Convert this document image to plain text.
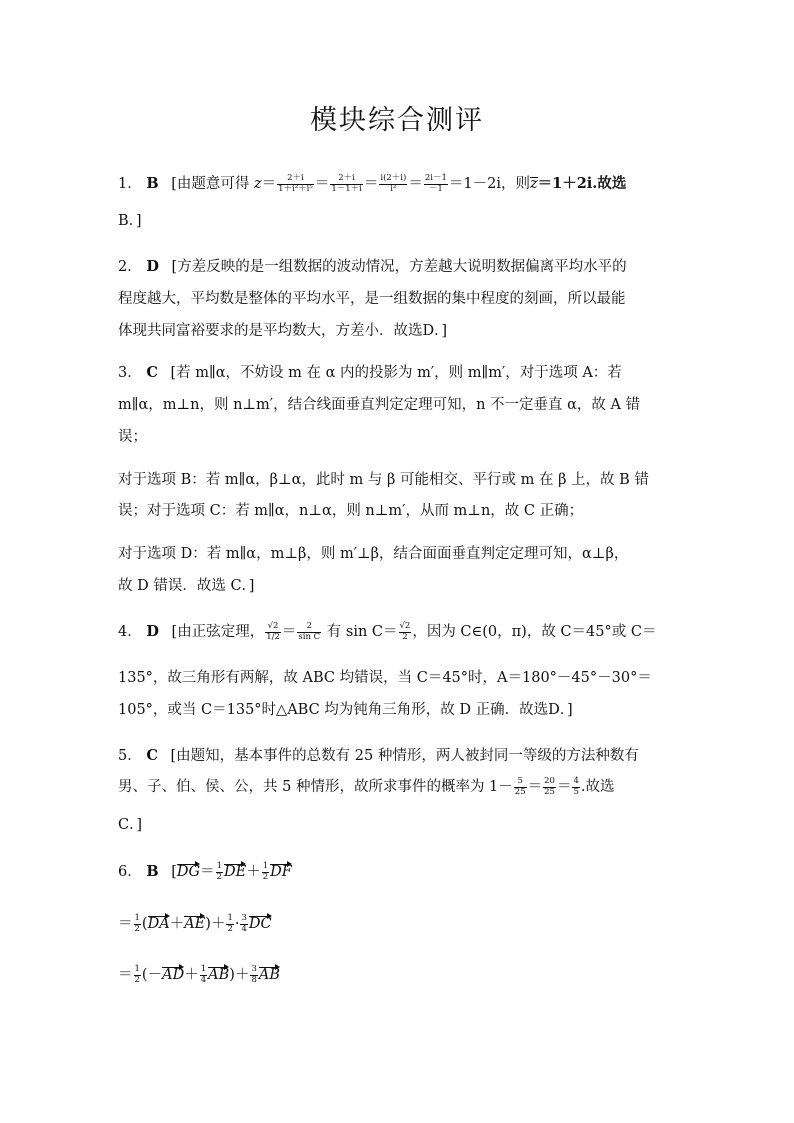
模块综合测评
1． B [由题意可得 $z= \frac{2+i}{\text{1＋i²＋i⁵}} = \frac{2+i}{1-1+i} = \frac{i(2+i)}{\text{i²}} = \frac{2i-1}{-1} =1-2i$，则z＝1＋2i.故选
B．]
2． D [方差反映的是一组数据的波动情况，方差越大说明数据偏离平均水平的
程度越大，平均数是整体的平均水平，是一组数据的集中程度的刻画，所以最能
体现共同富裕要求的是平均数大，方差小．故选D．]
3． C [若 m∥α，不妨设 m 在 α 内的投影为 m′，则 m∥m′，对于选项 A：若
m∥α，m⊥n，则 n⊥m′，结合线面垂直判定定理可知，n 不一定垂直 α，故 A 错
误；
对于选项 B：若 m∥α，β⊥α，此时 m 与 β 可能相交、平行或 m 在 β 上，故 B 错
误；对于选项 C：若 m∥α，n⊥α，则 n⊥m′，从而 m⊥n，故 C 正确；
对于选项 D：若 m∥α，m⊥β，则 m′⊥β，结合面面垂直判定定理可知，α⊥β，
故 D 错误．故选 C．]
4． D [由正弦定理， $\frac{√2}{1/2} = \frac{2}{\text{sin C}}$ 有 $\sin C= \frac{√2}{2}$ ，因为 C∈(0，π)，故 C＝45°或 C＝
135°，故三角形有两解，故 ABC 均错误，当 C＝45°时，A＝180°－45°－30°＝
105°，或当 C＝135°时△ABC 均为钝角三角形，故 D 正确．故选D．]
5． C [由题知，基本事件的总数有 25 种情形，两人被封同一等级的方法种数有
男、子、伯、侯、公，共 5 种情形，故所求事件的概率为 $1- \frac{5}{25} = \frac{20}{25} = \frac{4}{5}$ .故选
C．]
6． B [$DG= \frac{1}{2} DE+ \frac{1}{2}$ DF
＝ $\frac{1}{2} (DA+AE)+ \frac{1}{2} \cdot \frac{3}{4}$ DC
＝ $\frac{1}{2} (-AD+ \frac{1}{4} AB)+ \frac{3}{8}$ AB
